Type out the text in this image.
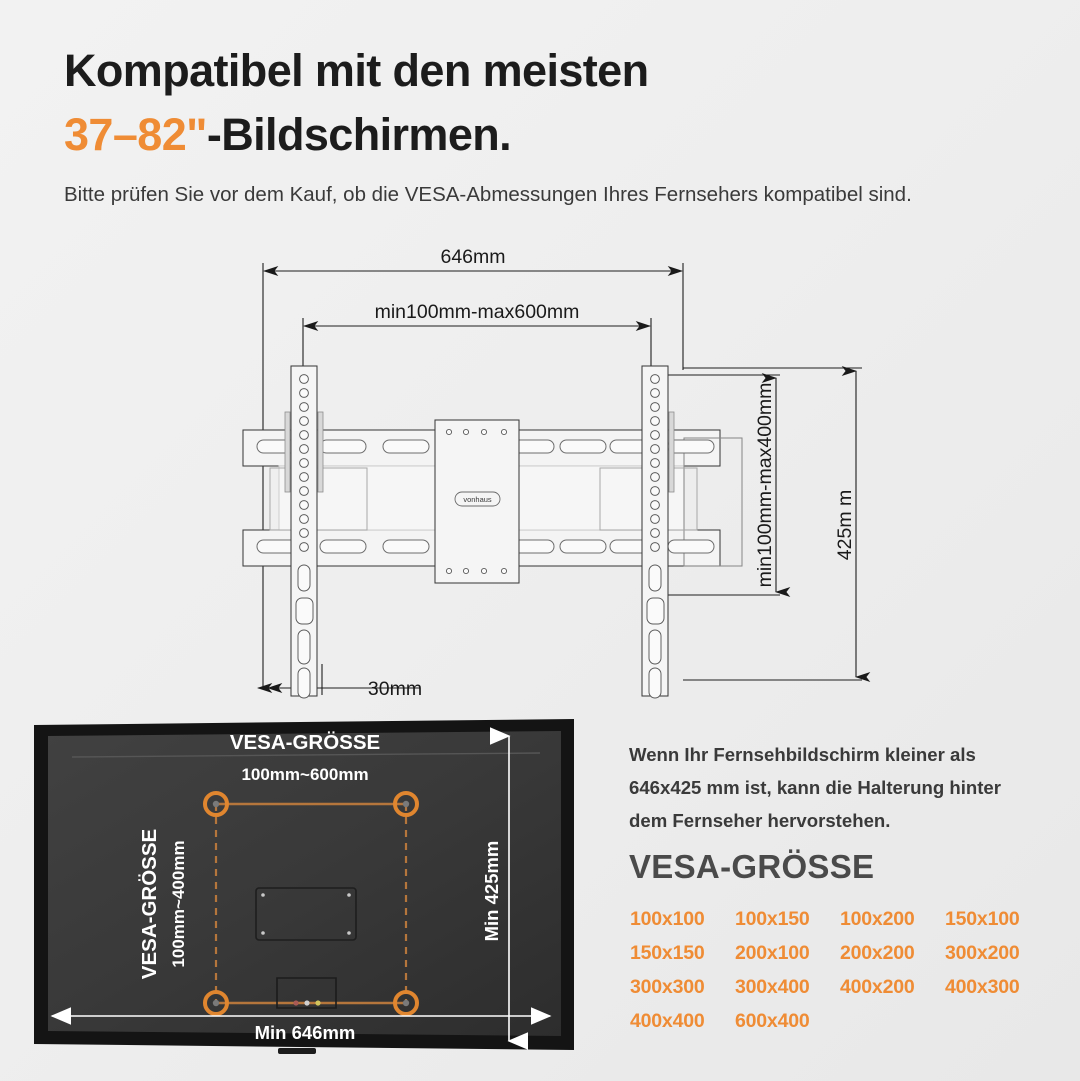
Kompatibel mit den meisten
37–82"-Bildschirmen.
Bitte prüfen Sie vor dem Kauf, ob die VESA-Abmessungen Ihres Fernsehers kompatibel sind.
646mm
min100mm-max600mm
min100mm-max400mm	425m m
30mm
vonhaus
VESA-GRÖSSE
100mm~600mm
VESA-GRÖSSE 100mm~400mm
Min 646mm
Min 425mm
Wenn Ihr Fernsehbildschirm kleiner als
646x425 mm ist, kann die Halterung hinter
dem Fernseher hervorstehen.
VESA-GRÖSSE
100x100	100x150	100x200	150x100
150x150	200x100	200x200	300x200
300x300	300x400	400x200	400x300
400x400	600x400
